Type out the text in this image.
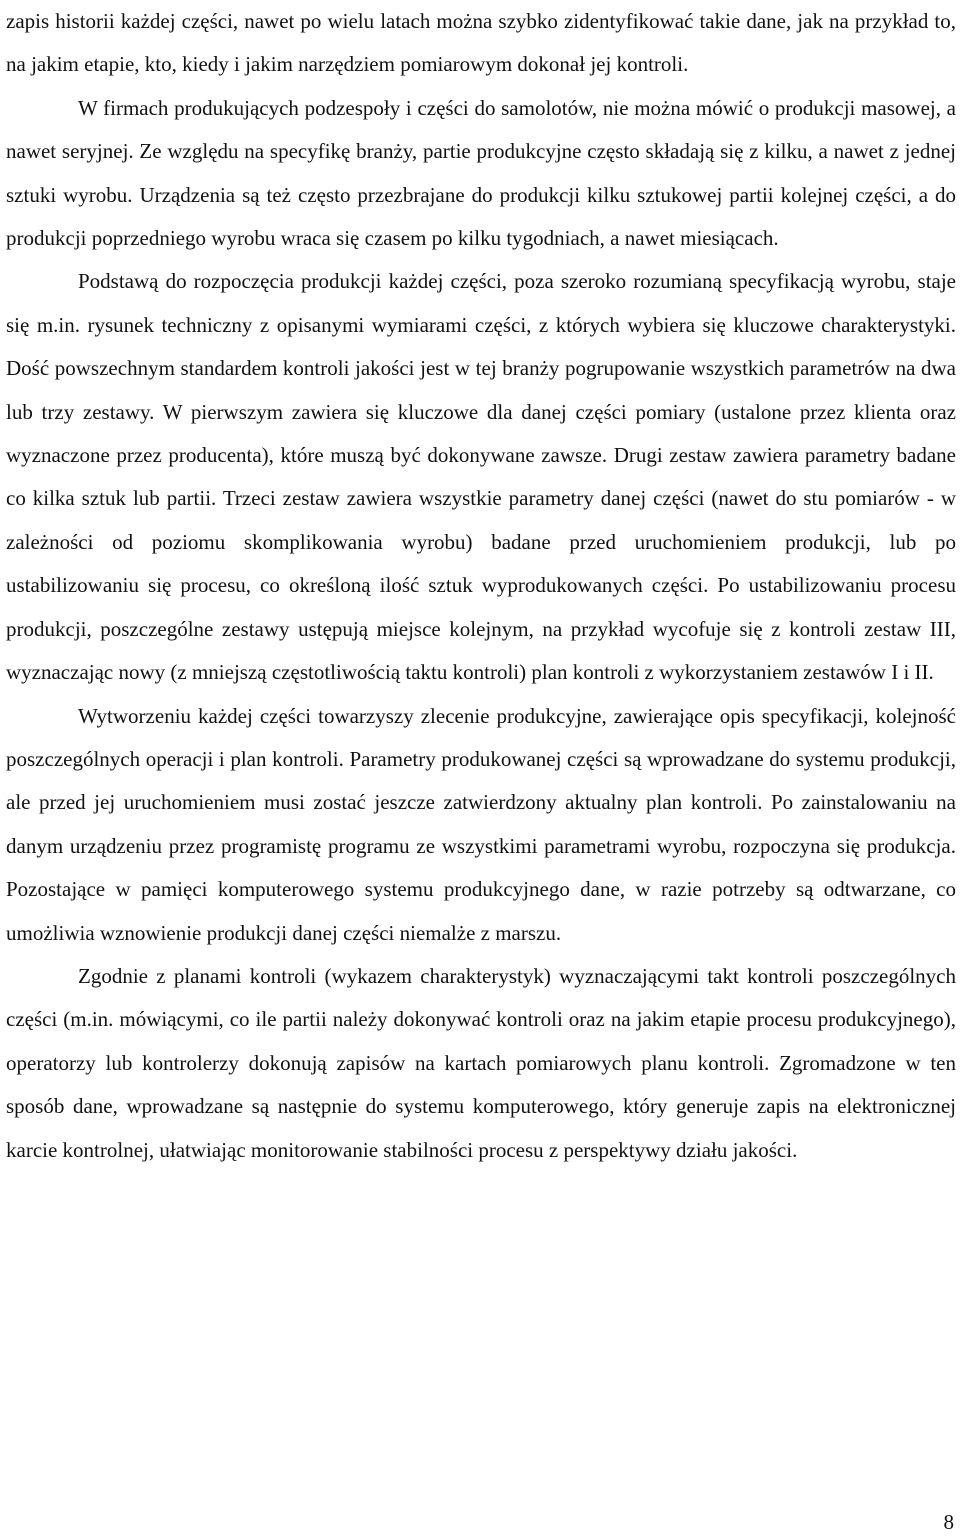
zapis historii każdej części, nawet po wielu latach można szybko zidentyfikować takie dane, jak na przykład to, na jakim etapie, kto, kiedy i jakim narzędziem pomiarowym dokonał jej kontroli.

W firmach produkujących podzespoły i części do samolotów, nie można mówić o produkcji masowej, a nawet seryjnej. Ze względu na specyfikę branży, partie produkcyjne często składają się z kilku, a nawet z jednej sztuki wyrobu. Urządzenia są też często przezbrajane do produkcji kilku sztukowej partii kolejnej części, a do produkcji poprzedniego wyrobu wraca się czasem po kilku tygodniach, a nawet miesiącach.

Podstawą do rozpoczęcia produkcji każdej części, poza szeroko rozumianą specyfikacją wyrobu, staje się m.in. rysunek techniczny z opisanymi wymiarami części, z których wybiera się kluczowe charakterystyki. Dość powszechnym standardem kontroli jakości jest w tej branży pogrupowanie wszystkich parametrów na dwa lub trzy zestawy. W pierwszym zawiera się kluczowe dla danej części pomiary (ustalone przez klienta oraz wyznaczone przez producenta), które muszą być dokonywane zawsze. Drugi zestaw zawiera parametry badane co kilka sztuk lub partii. Trzeci zestaw zawiera wszystkie parametry danej części (nawet do stu pomiarów - w zależności od poziomu skomplikowania wyrobu) badane przed uruchomieniem produkcji, lub po ustabilizowaniu się procesu, co określoną ilość sztuk wyprodukowanych części. Po ustabilizowaniu procesu produkcji, poszczególne zestawy ustępują miejsce kolejnym, na przykład wycofuje się z kontroli zestaw III, wyznaczając nowy (z mniejszą częstotliwością taktu kontroli) plan kontroli z wykorzystaniem zestawów I i II.

Wytworzeniu każdej części towarzyszy zlecenie produkcyjne, zawierające opis specyfikacji, kolejność poszczególnych operacji i plan kontroli. Parametry produkowanej części są wprowadzane do systemu produkcji, ale przed jej uruchomieniem musi zostać jeszcze zatwierdzony aktualny plan kontroli. Po zainstalowaniu na danym urządzeniu przez programistę programu ze wszystkimi parametrami wyrobu, rozpoczyna się produkcja. Pozostające w pamięci komputerowego systemu produkcyjnego dane, w razie potrzeby są odtwarzane, co umożliwia wznowienie produkcji danej części niemalże z marszu.

Zgodnie z planami kontroli (wykazem charakterystyk) wyznaczającymi takt kontroli poszczególnych części (m.in. mówiącymi, co ile partii należy dokonywać kontroli oraz na jakim etapie procesu produkcyjnego), operatorzy lub kontrolerzy dokonują zapisów na kartach pomiarowych planu kontroli. Zgromadzone w ten sposób dane, wprowadzane są następnie do systemu komputerowego, który generuje zapis na elektronicznej karcie kontrolnej, ułatwiając monitorowanie stabilności procesu z perspektywy działu jakości.

8
